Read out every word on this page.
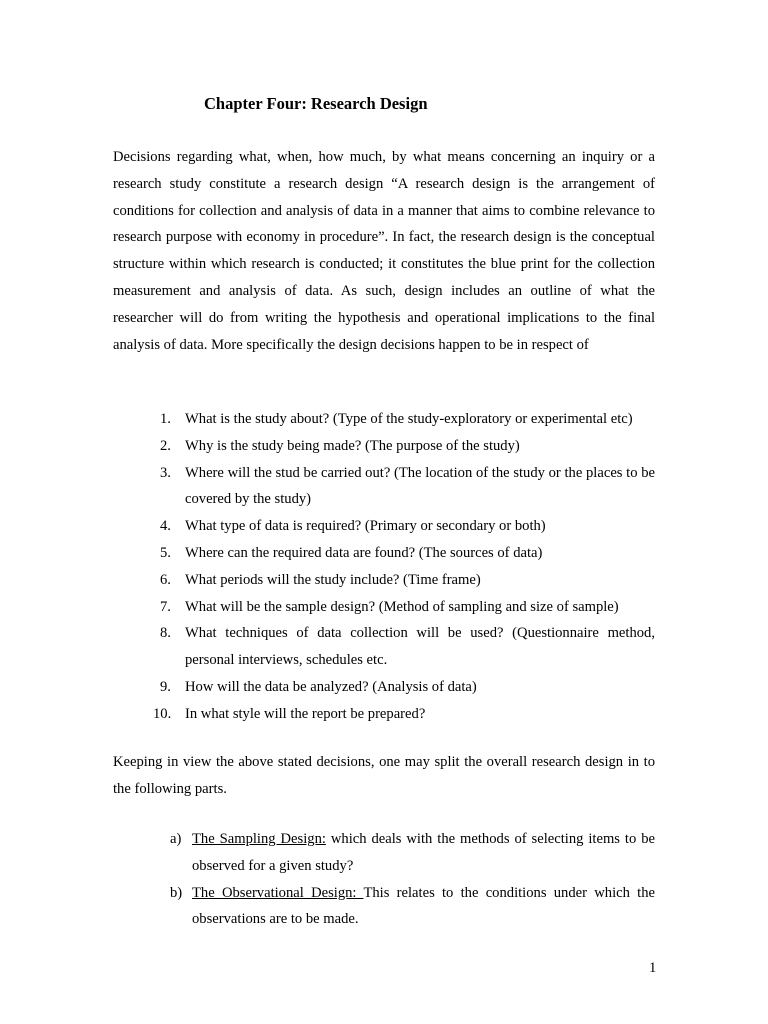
Chapter Four: Research Design

Decisions regarding what, when, how much, by what means concerning an inquiry or a research study constitute a research design “A research design is the arrangement of conditions for collection and analysis of data in a manner that aims to combine relevance to research purpose with economy in procedure”. In fact, the research design is the conceptual structure within which research is conducted; it constitutes the blue print for the collection measurement and analysis of data. As such, design includes an outline of what the researcher will do from writing the hypothesis and operational implications to the final analysis of data. More specifically the design decisions happen to be in respect of

1. What is the study about? (Type of the study-exploratory or experimental etc)
2. Why is the study being made? (The purpose of the study)
3. Where will the stud be carried out? (The location of the study or the places to be covered by the study)
4. What type of data is required? (Primary or secondary or both)
5. Where can the required data are found? (The sources of data)
6. What periods will the study include? (Time frame)
7. What will be the sample design? (Method of sampling and size of sample)
8. What techniques of data collection will be used? (Questionnaire method, personal interviews, schedules etc.
9. How will the data be analyzed? (Analysis of data)
10. In what style will the report be prepared?

Keeping in view the above stated decisions, one may split the overall research design in to the following parts.

a) The Sampling Design: which deals with the methods of selecting items to be observed for a given study?
b) The Observational Design: This relates to the conditions under which the observations are to be made.
1
